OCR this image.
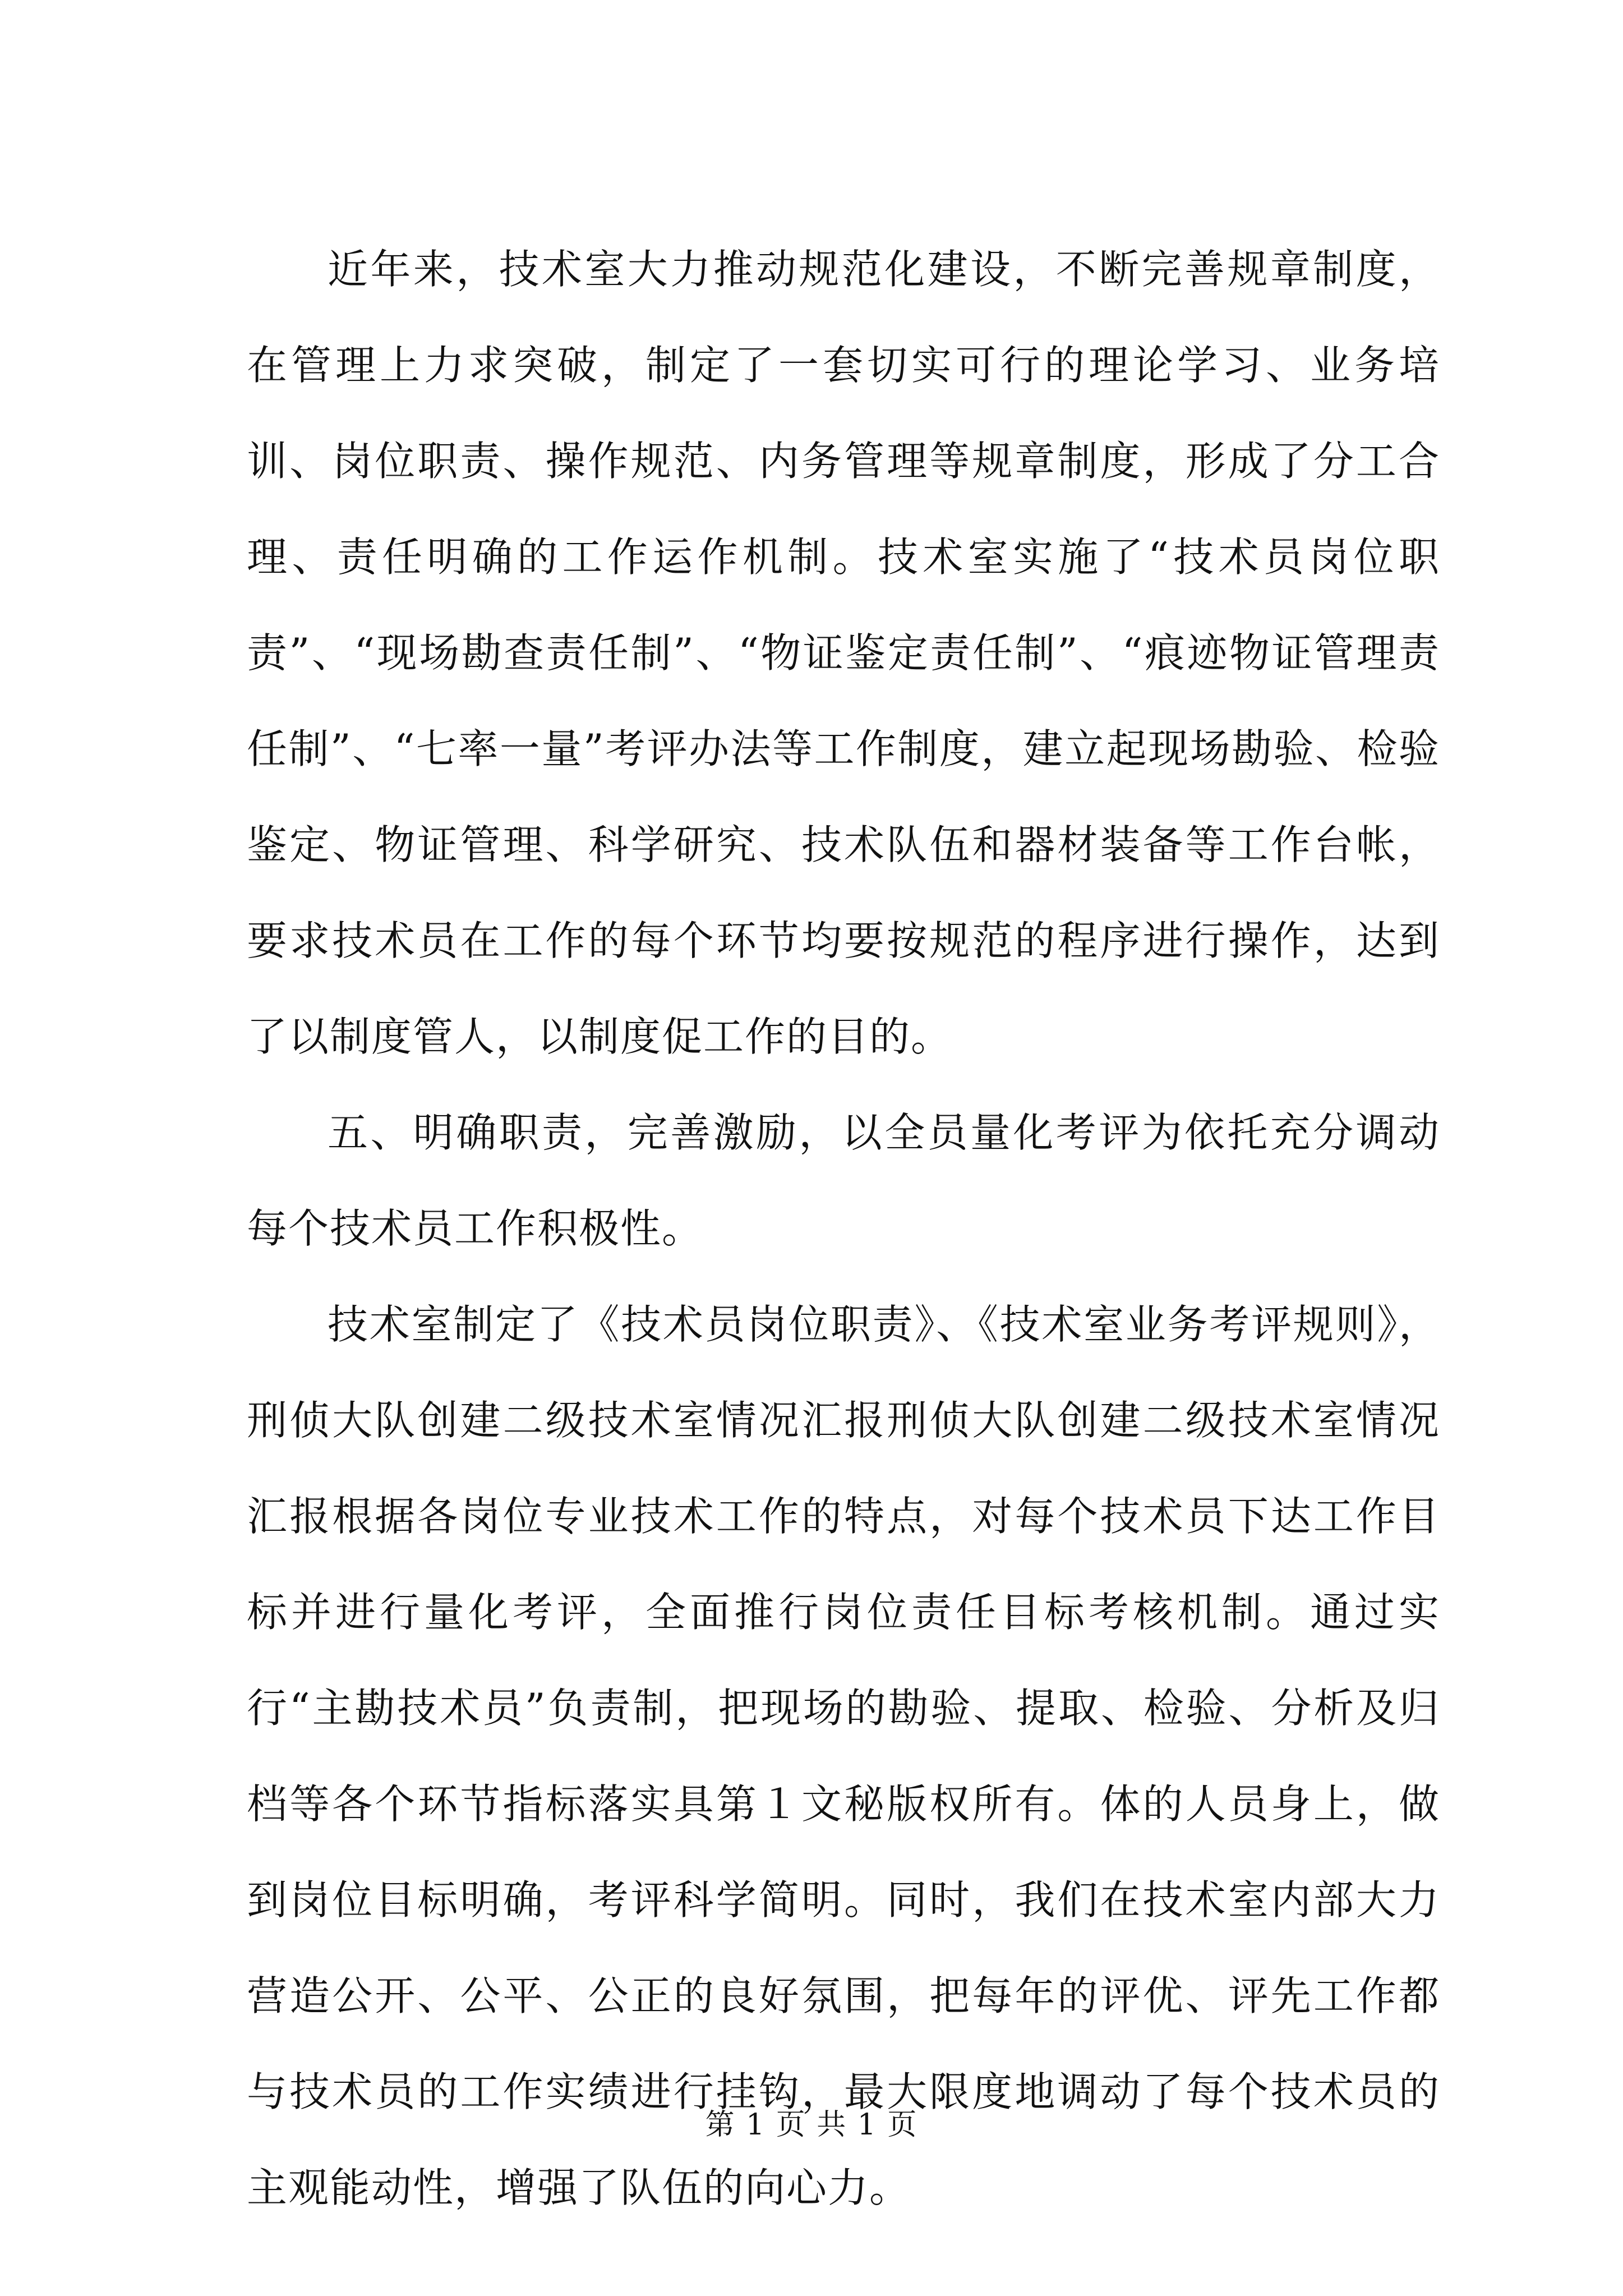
近年来，技术室大力推动规范化建设，不断完善规章制度，在管理上力求突破，制定了一套切实可行的理论学习、业务培训、岗位职责、操作规范、内务管理等规章制度，形成了分工合理、责任明确的工作运作机制。技术室实施了“技术员岗位职责”、“现场勘查责任制”、“物证鉴定责任制”、“痕迹物证管理责任制”、“七率一量”考评办法等工作制度，建立起现场勘验、检验鉴定、物证管理、科学研究、技术队伍和器材装备等工作台帐，要求技术员在工作的每个环节均要按规范的程序进行操作，达到了以制度管人，以制度促工作的目的。

五、明确职责，完善激励，以全员量化考评为依托充分调动每个技术员工作积极性。

技术室制定了《技术员岗位职责》、《技术室业务考评规则》，刑侦大队创建二级技术室情况汇报刑侦大队创建二级技术室情况汇报根据各岗位专业技术工作的特点，对每个技术员下达工作目标并进行量化考评，全面推行岗位责任目标考核机制。通过实行“主勘技术员”负责制，把现场的勘验、提取、检验、分析及归档等各个环节指标落实具第１文秘版权所有。体的人员身上，做到岗位目标明确，考评科学简明。同时，我们在技术室内部大力营造公开、公平、公正的良好氛围，把每年的评优、评先工作都与技术员的工作实绩进行挂钩，最大限度地调动了每个技术员的主观能动性，增强了队伍的向心力。

第 1 页 共 1 页
